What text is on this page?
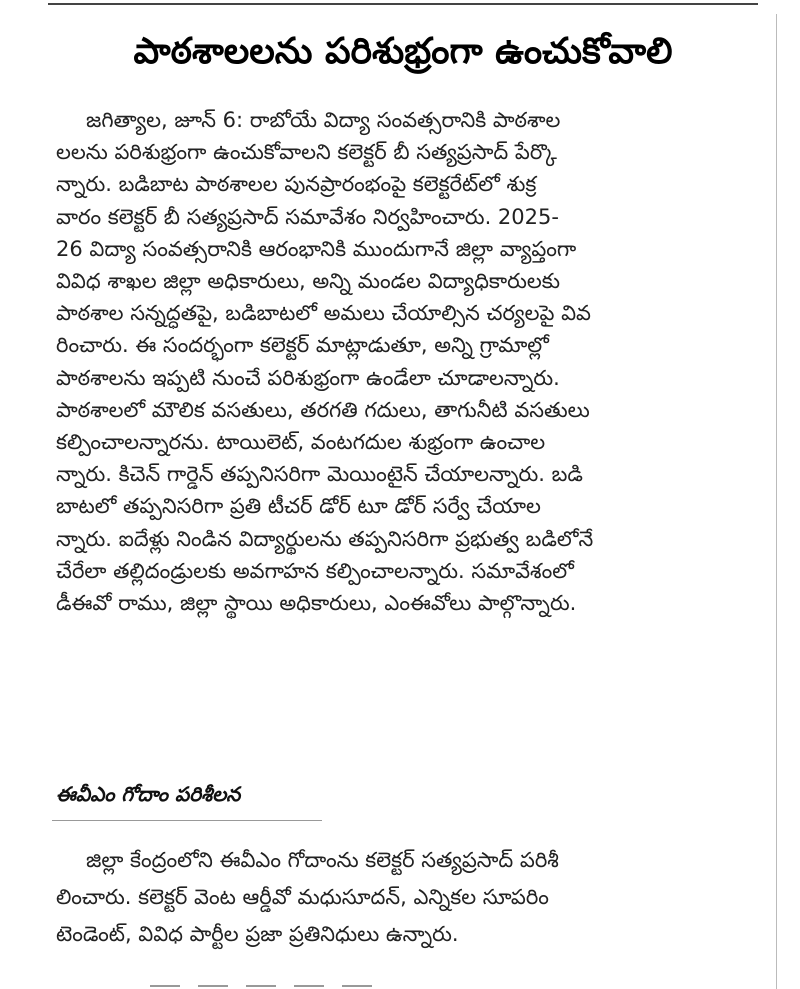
పాఠశాలలను పరిశుభ్రంగా ఉంచుకోవాలి
జగిత్యాల, జూన్ 6: రాబోయే విద్యా సంవత్సరానికి పాఠశాల
లలను పరిశుభ్రంగా ఉంచుకోవాలని కలెక్టర్ బీ సత్యప్రసాద్ పేర్కొ
న్నారు. బడిబాట పాఠశాలల పునప్రారంభంపై కలెక్టరేట్‌లో శుక్ర
వారం కలెక్టర్ బీ సత్యప్రసాద్ సమావేశం నిర్వహించారు. 2025-
26 విద్యా సంవత్సరానికి ఆరంభానికి ముందుగానే జిల్లా వ్యాప్తంగా
వివిధ శాఖల జిల్లా అధికారులు, అన్ని మండల విద్యాధికారులకు
పాఠశాల సన్నద్ధతపై, బడిబాటలో అమలు చేయాల్సిన చర్యలపై వివ
రించారు. ఈ సందర్భంగా కలెక్టర్ మాట్లాడుతూ, అన్ని గ్రామాల్లో
పాఠశాలను ఇప్పటి నుంచే పరిశుభ్రంగా ఉండేలా చూడాలన్నారు.
పాఠశాలలో మౌలిక వసతులు, తరగతి గదులు, తాగునీటి వసతులు
కల్పించాలన్నారను. టాయిలెట్, వంటగదుల శుభ్రంగా ఉంచాల
న్నారు. కిచెన్ గార్డెన్ తప్పనిసరిగా మెయింటైన్ చేయాలన్నారు. బడి
బాటలో తప్పనిసరిగా ప్రతి టీచర్ డోర్ టూ డోర్ సర్వే చేయాల
న్నారు. ఐదేళ్లు నిండిన విద్యార్థులను తప్పనిసరిగా ప్రభుత్వ బడిలోనే
చేరేలా తల్లిదండ్రులకు అవగాహన కల్పించాలన్నారు. సమావేశంలో
డీఈవో రాము, జిల్లా స్థాయి అధికారులు, ఎంఈవోలు పాల్గొన్నారు.
ఈవీఎం గోదాం పరిశీలన
జిల్లా కేంద్రంలోని ఈవీఎం గోదాంను కలెక్టర్ సత్యప్రసాద్ పరిశీ
లించారు. కలెక్టర్ వెంట ఆర్డీవో మధుసూదన్, ఎన్నికల సూపరిం
టెండెంట్, వివిధ పార్టీల ప్రజా ప్రతినిధులు ఉన్నారు.
